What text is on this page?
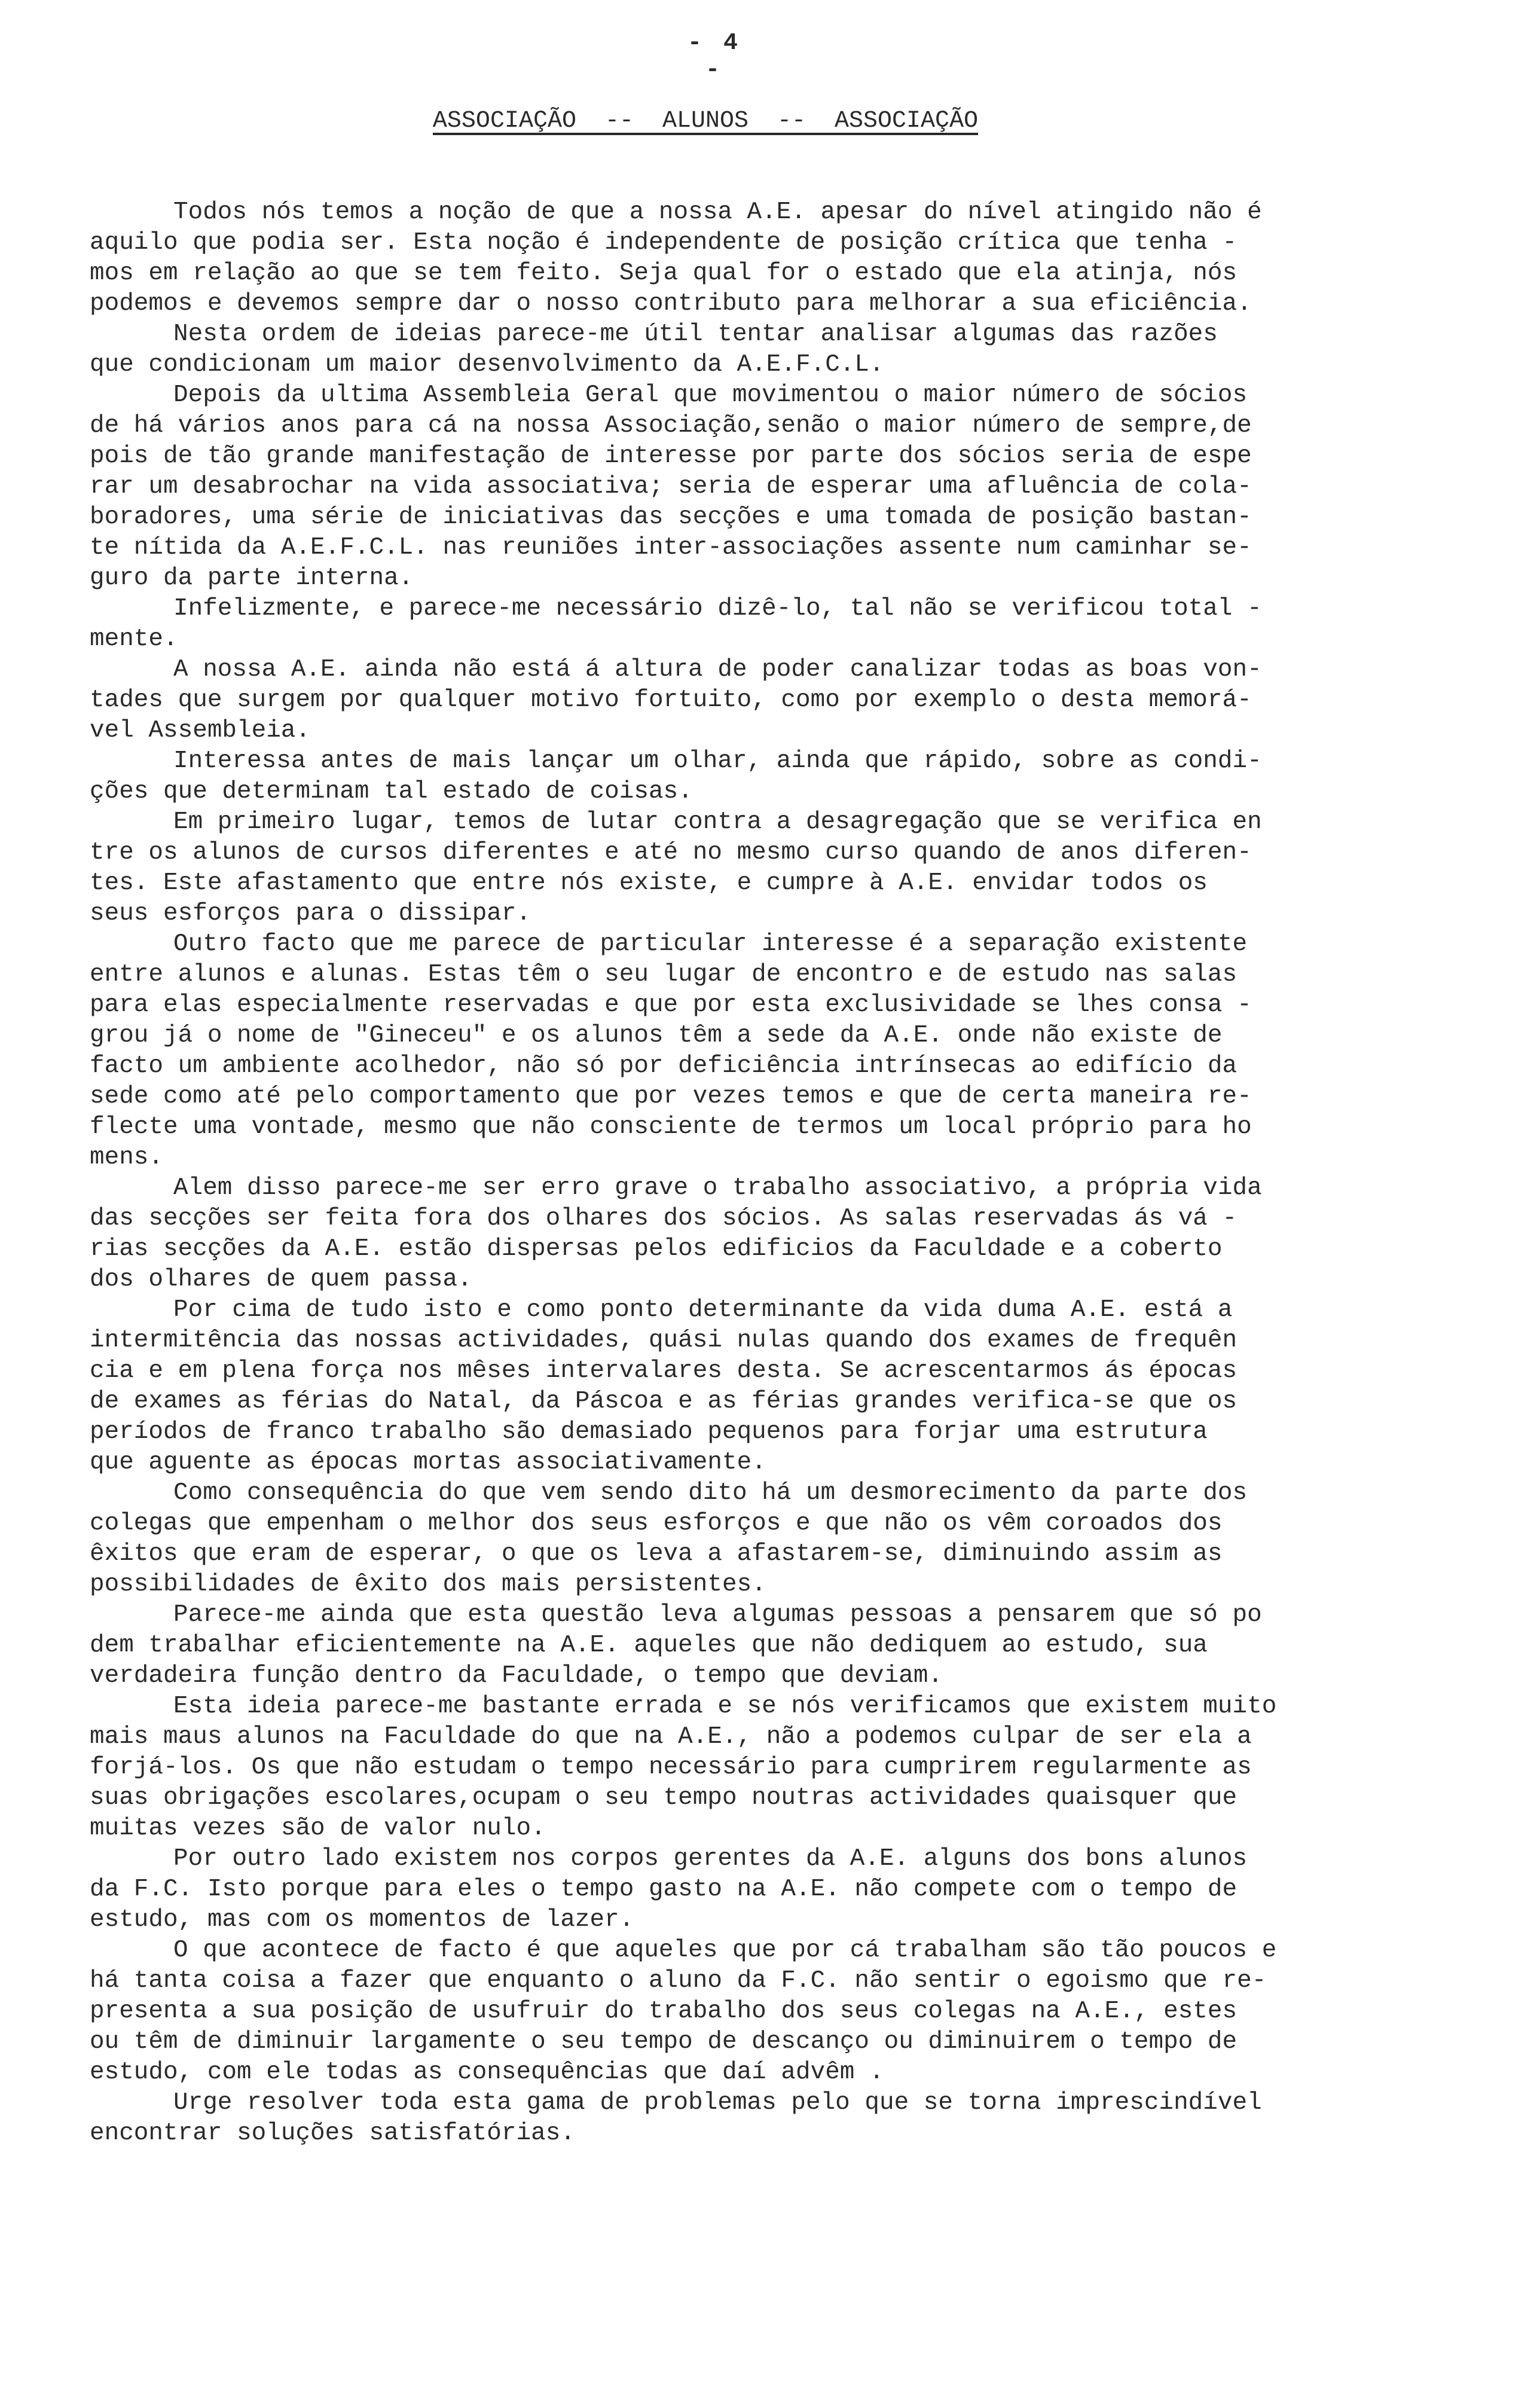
- 4 -
ASSOCIAÇÃO  --  ALUNOS  --  ASSOCIAÇÃO
Todos nós temos a noção de que a nossa A.E. apesar do nível atingido não é
aquilo que podia ser. Esta noção é independente de posição crítica que tenha -
mos em relação ao que se tem feito. Seja qual for o estado que ela atinja, nós
podemos e devemos sempre dar o nosso contributo para melhorar a sua eficiência.
Nesta ordem de ideias parece-me útil tentar analisar algumas das razões
que condicionam um maior desenvolvimento da A.E.F.C.L.
Depois da ultima Assembleia Geral que movimentou o maior número de sócios
de há vários anos para cá na nossa Associação,senão o maior número de sempre,de
pois de tão grande manifestação de interesse por parte dos sócios seria de espe
rar um desabrochar na vida associativa; seria de esperar uma afluência de cola-
boradores, uma série de iniciativas das secções e uma tomada de posição bastan-
te nítida da A.E.F.C.L. nas reuniões inter-associações assente num caminhar se-
guro da parte interna.
Infelizmente, e parece-me necessário dizê-lo, tal não se verificou total -
mente.
A nossa A.E. ainda não está á altura de poder canalizar todas as boas von-
tades que surgem por qualquer motivo fortuito, como por exemplo o desta memorá-
vel Assembleia.
Interessa antes de mais lançar um olhar, ainda que rápido, sobre as condi-
ções que determinam tal estado de coisas.
Em primeiro lugar, temos de lutar contra a desagregação que se verifica en
tre os alunos de cursos diferentes e até no mesmo curso quando de anos diferen-
tes. Este afastamento que entre nós existe, e cumpre à A.E. envidar todos os
seus esforços para o dissipar.
Outro facto que me parece de particular interesse é a separação existente
entre alunos e alunas. Estas têm o seu lugar de encontro e de estudo nas salas
para elas especialmente reservadas e que por esta exclusividade se lhes consa -
grou já o nome de "Gineceu" e os alunos têm a sede da A.E. onde não existe de
facto um ambiente acolhedor, não só por deficiência intrínsecas ao edifício da
sede como até pelo comportamento que por vezes temos e que de certa maneira re-
flecte uma vontade, mesmo que não consciente de termos um local próprio para ho
mens.
Alem disso parece-me ser erro grave o trabalho associativo, a própria vida
das secções ser feita fora dos olhares dos sócios. As salas reservadas ás vá -
rias secções da A.E. estão dispersas pelos edificios da Faculdade e a coberto
dos olhares de quem passa.
Por cima de tudo isto e como ponto determinante da vida duma A.E. está a
intermitência das nossas actividades, quási nulas quando dos exames de frequên
cia e em plena força nos mêses intervalares desta. Se acrescentarmos ás épocas
de exames as férias do Natal, da Páscoa e as férias grandes verifica-se que os
períodos de franco trabalho são demasiado pequenos para forjar uma estrutura
que aguente as épocas mortas associativamente.
Como consequência do que vem sendo dito há um desmorecimento da parte dos
colegas que empenham o melhor dos seus esforços e que não os vêm coroados dos
êxitos que eram de esperar, o que os leva a afastarem-se, diminuindo assim as
possibilidades de êxito dos mais persistentes.
Parece-me ainda que esta questão leva algumas pessoas a pensarem que só po
dem trabalhar eficientemente na A.E. aqueles que não dediquem ao estudo, sua
verdadeira função dentro da Faculdade, o tempo que deviam.
Esta ideia parece-me bastante errada e se nós verificamos que existem muito
mais maus alunos na Faculdade do que na A.E., não a podemos culpar de ser ela a
forjá-los. Os que não estudam o tempo necessário para cumprirem regularmente as
suas obrigações escolares,ocupam o seu tempo noutras actividades quaisquer que
muitas vezes são de valor nulo.
Por outro lado existem nos corpos gerentes da A.E. alguns dos bons alunos
da F.C. Isto porque para eles o tempo gasto na A.E. não compete com o tempo de
estudo, mas com os momentos de lazer.
O que acontece de facto é que aqueles que por cá trabalham são tão poucos e
há tanta coisa a fazer que enquanto o aluno da F.C. não sentir o egoismo que re-
presenta a sua posição de usufruir do trabalho dos seus colegas na A.E., estes
ou têm de diminuir largamente o seu tempo de descanço ou diminuirem o tempo de
estudo, com ele todas as consequências que daí advêm .
Urge resolver toda esta gama de problemas pelo que se torna imprescindível
encontrar soluções satisfatórias.
